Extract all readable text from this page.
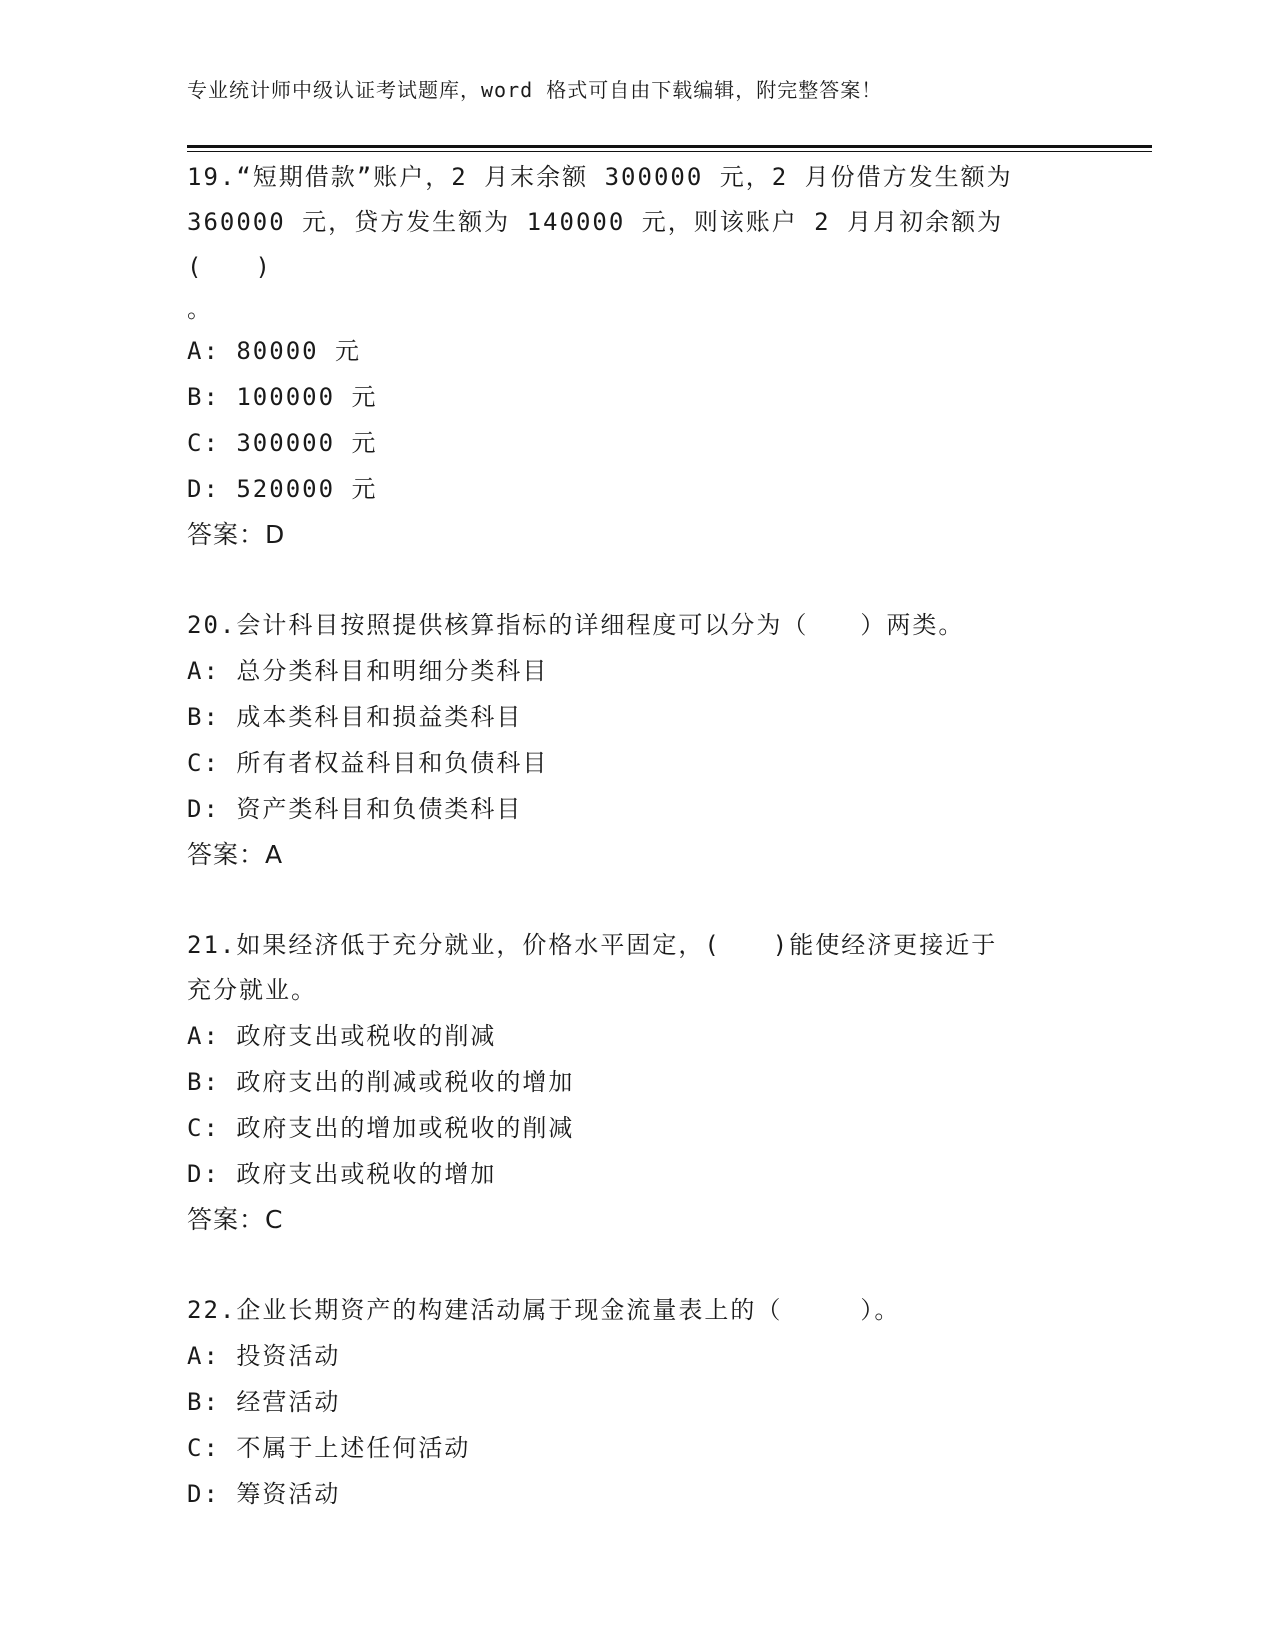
专业统计师中级认证考试题库，word 格式可自由下载编辑，附完整答案！
19.“短期借款”账户，2 月末余额 300000 元，2 月份借方发生额为
360000 元，贷方发生额为 140000 元，则该账户 2 月月初余额为(　　)
。
A: 80000 元
B: 100000 元
C: 300000 元
D: 520000 元
答案：D
20.会计科目按照提供核算指标的详细程度可以分为（　　）两类。
A: 总分类科目和明细分类科目
B: 成本类科目和损益类科目
C: 所有者权益科目和负债科目
D: 资产类科目和负债类科目
答案：A
21.如果经济低于充分就业，价格水平固定，(　　)能使经济更接近于
充分就业。
A: 政府支出或税收的削减
B: 政府支出的削减或税收的增加
C: 政府支出的增加或税收的削减
D: 政府支出或税收的增加
答案：C
22.企业长期资产的构建活动属于现金流量表上的（　　　）。
A: 投资活动
B: 经营活动
C: 不属于上述任何活动
D: 筹资活动
